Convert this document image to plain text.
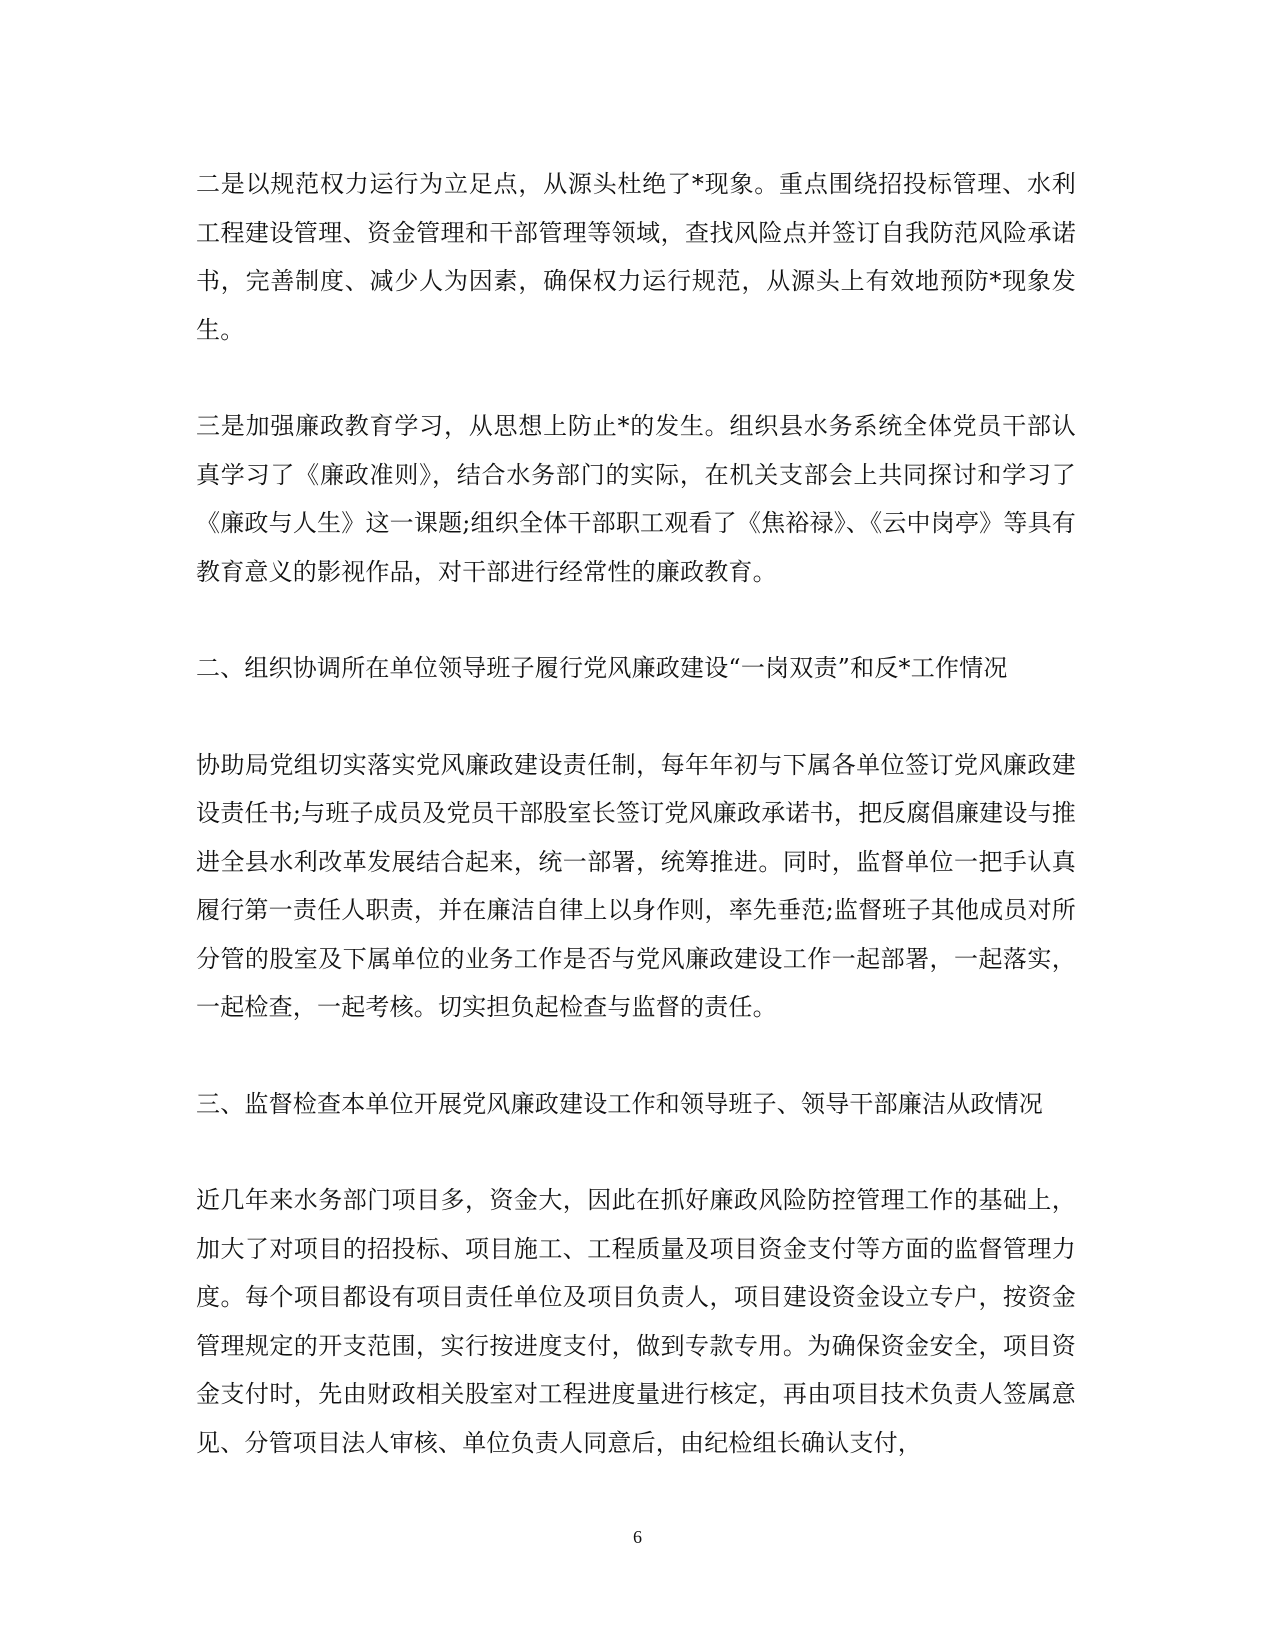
二是以规范权力运行为立足点，从源头杜绝了*现象。重点围绕招投标管理、水利工程建设管理、资金管理和干部管理等领域，查找风险点并签订自我防范风险承诺书，完善制度、减少人为因素，确保权力运行规范，从源头上有效地预防*现象发生。

三是加强廉政教育学习，从思想上防止*的发生。组织县水务系统全体党员干部认真学习了《廉政准则》，结合水务部门的实际，在机关支部会上共同探讨和学习了《廉政与人生》这一课题;组织全体干部职工观看了《焦裕禄》、《云中岗亭》等具有教育意义的影视作品，对干部进行经常性的廉政教育。

二、组织协调所在单位领导班子履行党风廉政建设“一岗双责”和反*工作情况

协助局党组切实落实党风廉政建设责任制，每年年初与下属各单位签订党风廉政建设责任书;与班子成员及党员干部股室长签订党风廉政承诺书，把反腐倡廉建设与推进全县水利改革发展结合起来，统一部署，统筹推进。同时，监督单位一把手认真履行第一责任人职责，并在廉洁自律上以身作则，率先垂范;监督班子其他成员对所分管的股室及下属单位的业务工作是否与党风廉政建设工作一起部署，一起落实，一起检查，一起考核。切实担负起检查与监督的责任。

三、监督检查本单位开展党风廉政建设工作和领导班子、领导干部廉洁从政情况

近几年来水务部门项目多，资金大，因此在抓好廉政风险防控管理工作的基础上，加大了对项目的招投标、项目施工、工程质量及项目资金支付等方面的监督管理力度。每个项目都设有项目责任单位及项目负责人，项目建设资金设立专户，按资金管理规定的开支范围，实行按进度支付，做到专款专用。为确保资金安全，项目资金支付时，先由财政相关股室对工程进度量进行核定，再由项目技术负责人签属意见、分管项目法人审核、单位负责人同意后，由纪检组长确认支付，

6
